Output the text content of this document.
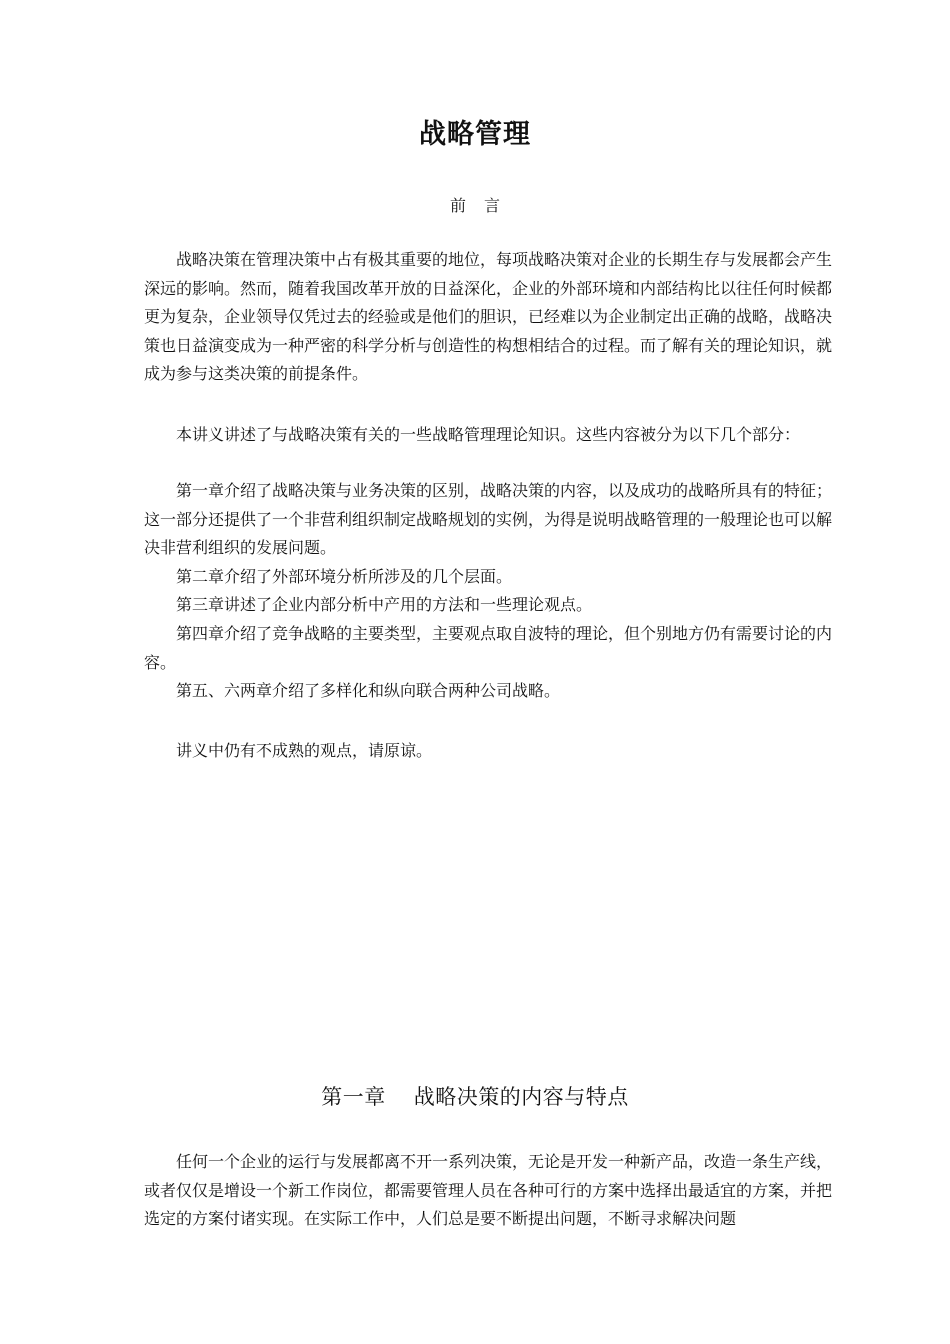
战略管理
前言

战略决策在管理决策中占有极其重要的地位，每项战略决策对企业的长期生存与发展都会产生深远的影响。然而，随着我国改革开放的日益深化，企业的外部环境和内部结构比以往任何时候都更为复杂，企业领导仅凭过去的经验或是他们的胆识，已经难以为企业制定出正确的战略，战略决策也日益演变成为一种严密的科学分析与创造性的构想相结合的过程。而了解有关的理论知识，就成为参与这类决策的前提条件。

本讲义讲述了与战略决策有关的一些战略管理理论知识。这些内容被分为以下几个部分：

第一章介绍了战略决策与业务决策的区别，战略决策的内容，以及成功的战略所具有的特征；这一部分还提供了一个非营利组织制定战略规划的实例，为得是说明战略管理的一般理论也可以解决非营利组织的发展问题。

第二章介绍了外部环境分析所涉及的几个层面。

第三章讲述了企业内部分析中产用的方法和一些理论观点。

第四章介绍了竞争战略的主要类型，主要观点取自波特的理论，但个别地方仍有需要讨论的内容。

第五、六两章介绍了多样化和纵向联合两种公司战略。

讲义中仍有不成熟的观点，请原谅。

第一章 战略决策的内容与特点

任何一个企业的运行与发展都离不开一系列决策，无论是开发一种新产品，改造一条生产线，或者仅仅是增设一个新工作岗位，都需要管理人员在各种可行的方案中选择出最适宜的方案，并把选定的方案付诸实现。在实际工作中，人们总是要不断提出问题，不断寻求解决问题
